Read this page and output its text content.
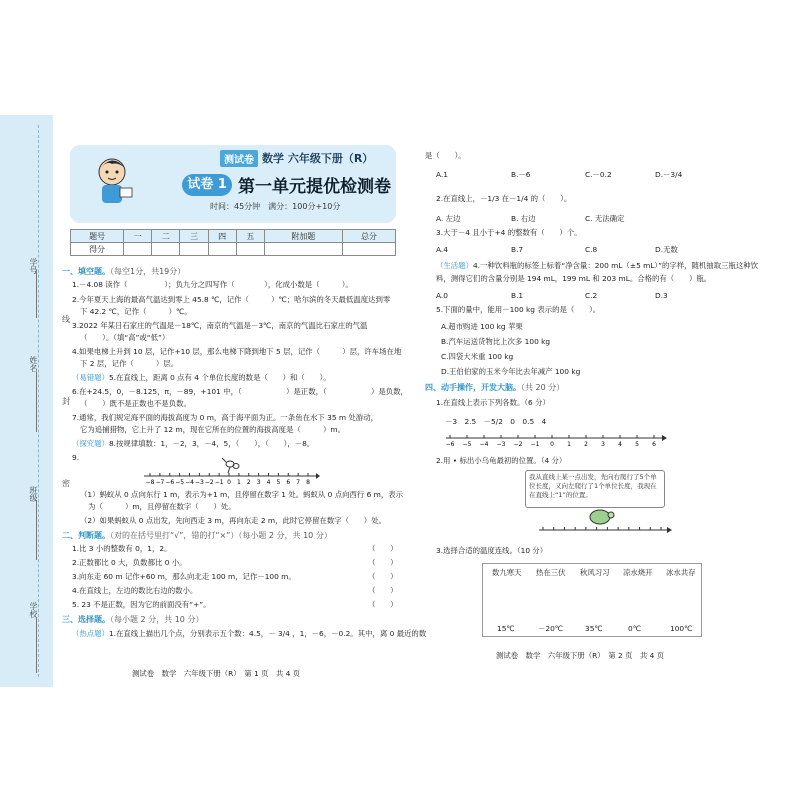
学号
姓名
班级
学校
线
封
密
测试卷 数学 六年级下册（R）
试卷 1 第一单元提优检测卷
时间：45分钟　满分：100分+10分
题号	一	二	三	四	五	附加题	总分
得分							
一、填空题。（每空1分，共19分）
1.－4.08 读作（　　　　　）；负九分之四写作（　　　　），化成小数是（　　　）。
2.今年夏天上海的最高气温达到零上 45.8 ℃，记作（　　　）℃；哈尔滨的冬天最低温度达到零
下 42.2 ℃，记作（　　　）℃。
3.2022 年某日石家庄的气温是－18℃，南京的气温是－3℃，南京的气温比石家庄的气温
（　　）。（填“高”或“低”）
4.如果电梯上升到 10 层，记作+10 层，那么电梯下降到地下 5 层，记作（　　　）层，许车场在地
下 2 层，记作（　　　）层。
（易错题）5.在直线上，距离 0 点有 4 个单位长度的数是（　　）和（　　）。
6.在+24.5，0，－8.125，π，－89，+101 中，（　　　　　　）是正数，（　　　　　　）是负数，
（　　）既不是正数也不是负数。
7.通常，我们规定海平面的海拔高度为 0 m，高于海平面为正。一条鱼在水下 35 m 处游动，
它为追捕猎物，它上升了 12 m，现在它所在的位置的海拔高度是（　　　）m。
（探究题）8.按规律填数：1，－2，3，－4，5，（　　），（　　），－8。
9.
−8 −7 −6 −5 −4 −3 −2 −1 0 1 2 3 4 5 6 7 8
（1）蚂蚁从 0 点向东行 1 m，表示为+1 m，且停留在数字 1 处。蚂蚁从 0 点向西行 6 m，表示
为（　　　）m，且停留在数字（　　）处。
（2）如果蚂蚁从 0 点出发，先向西走 3 m，再向东走 2 m，此时它停留在数字（　　）处。
二、判断题。（对的在括号里打“√”，错的打“×”）（每小题 2 分，共 10 分）
1.比 3 小的整数有 0，1，2。
2.正数都比 0 大，负数都比 0 小。
3.向东走 60 m 记作+60 m，那么向北走 100 m，记作－100 m。
4.在直线上，左边的数比右边的数小。
5. 23 不是正数，因为它的前面没有“+”。
（　　）
（　　）
（　　）
（　　）
（　　）
三、选择题。（每小题 2 分，共 10 分）
（热点题）1.在直线上描出几个点，分别表示五个数：4.5，－ 3/4 ，1，－6，－0.2。其中，离 0 最近的数
测试卷　数学　六年级下册（R）　第 1 页　共 4 页
是（　　）。
A.1	B.－6	C.－0.2	D.－3/4
2.在直线上，－1/3 在－1/4 的（　　）。
A. 左边	B. 右边	C. 无法确定
3.大于－4 且小于+4 的整数有（　　）个。
A.4	B.7	C.8	D.无数
（生活题）4.一种饮料瓶的标签上标着“净含量：200 mL（±5 mL）”的字样，随机抽取三瓶这种饮
料，测得它们的含量分别是 194 mL，199 mL 和 203 mL。合格的有（　　）瓶。
A.0	B.1	C.2	D.3
5.下面的量中，能用－100 kg 表示的是（　　）。
A.超市购进 100 kg 苹果
B.汽车运送货物比上次多 100 kg
C.四袋大米重 100 kg
D.王伯伯家的玉米今年比去年减产 100 kg
四、动手操作，开发大脑。（共 20 分）
1.在直线上表示下列各数。（6 分）
－3　2.5　－5/2　0　0.5　4
−6 −5 −4 −3 −2 −1 0 1 2 3 4 5 6
2.用 • 标出小乌龟最初的位置。（4 分）
我从直线上某一点出发，先向右爬行了5个单位长度，又向左爬行了1个单位长度，我现在在直线上“1”的位置。
3.选择合适的温度连线。（10 分）
数九寒天 热在三伏 秋风习习 凉水烧开 冰水共存
15℃	－20℃	35℃	0℃	100℃
测试卷　数学　六年级下册（R）　第 2 页　共 4 页
